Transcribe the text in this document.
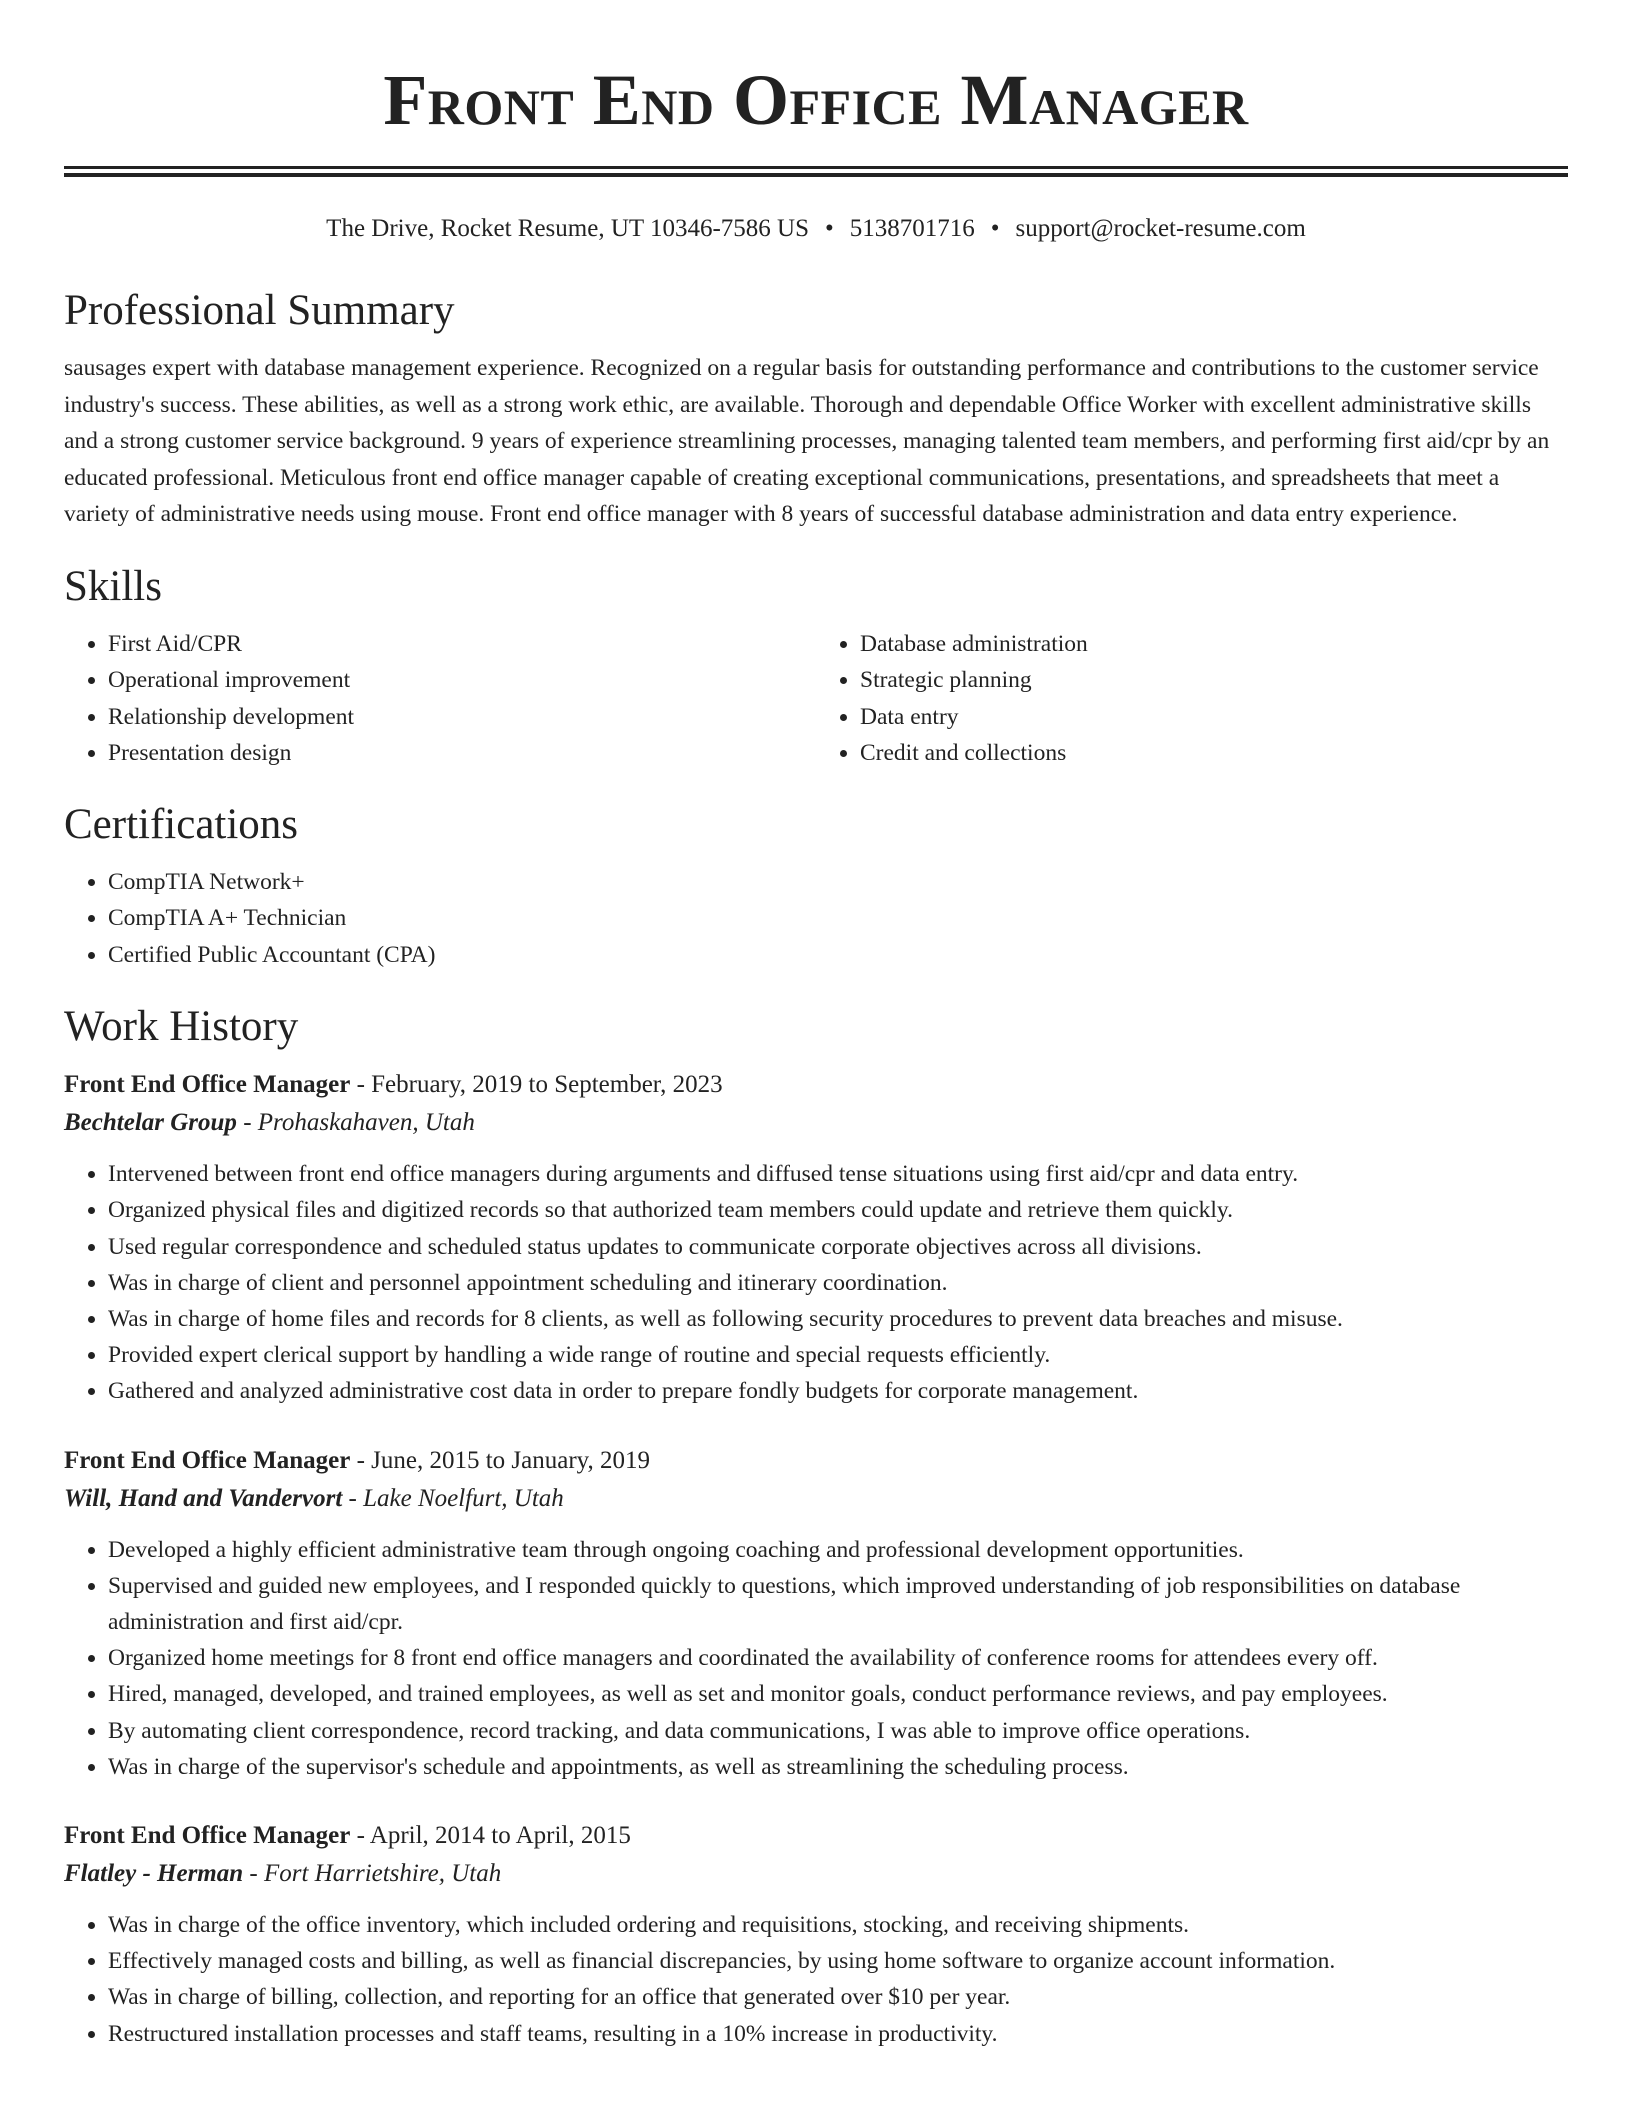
Front End Office Manager
The Drive, Rocket Resume, UT 10346-7586 US • 5138701716 • support@rocket-resume.com
Professional Summary

sausages expert with database management experience. Recognized on a regular basis for outstanding performance and contributions to the customer service industry's success. These abilities, as well as a strong work ethic, are available. Thorough and dependable Office Worker with excellent administrative skills and a strong customer service background. 9 years of experience streamlining processes, managing talented team members, and performing first aid/cpr by an educated professional. Meticulous front end office manager capable of creating exceptional communications, presentations, and spreadsheets that meet a variety of administrative needs using mouse. Front end office manager with 8 years of successful database administration and data entry experience.

Skills
• First Aid/CPR
• Operational improvement
• Relationship development
• Presentation design
• Database administration
• Strategic planning
• Data entry
• Credit and collections
Certifications
• CompTIA Network+
• CompTIA A+ Technician
• Certified Public Accountant (CPA)
Work History
Front End Office Manager - February, 2019 to September, 2023
Bechtelar Group - Prohaskahaven, Utah
• Intervened between front end office managers during arguments and diffused tense situations using first aid/cpr and data entry.
• Organized physical files and digitized records so that authorized team members could update and retrieve them quickly.
• Used regular correspondence and scheduled status updates to communicate corporate objectives across all divisions.
• Was in charge of client and personnel appointment scheduling and itinerary coordination.
• Was in charge of home files and records for 8 clients, as well as following security procedures to prevent data breaches and misuse.
• Provided expert clerical support by handling a wide range of routine and special requests efficiently.
• Gathered and analyzed administrative cost data in order to prepare fondly budgets for corporate management.
Front End Office Manager - June, 2015 to January, 2019
Will, Hand and Vandervort - Lake Noelfurt, Utah
• Developed a highly efficient administrative team through ongoing coaching and professional development opportunities.
• Supervised and guided new employees, and I responded quickly to questions, which improved understanding of job responsibilities on database administration and first aid/cpr.
• Organized home meetings for 8 front end office managers and coordinated the availability of conference rooms for attendees every off.
• Hired, managed, developed, and trained employees, as well as set and monitor goals, conduct performance reviews, and pay employees.
• By automating client correspondence, record tracking, and data communications, I was able to improve office operations.
• Was in charge of the supervisor's schedule and appointments, as well as streamlining the scheduling process.
Front End Office Manager - April, 2014 to April, 2015
Flatley - Herman - Fort Harrietshire, Utah
• Was in charge of the office inventory, which included ordering and requisitions, stocking, and receiving shipments.
• Effectively managed costs and billing, as well as financial discrepancies, by using home software to organize account information.
• Was in charge of billing, collection, and reporting for an office that generated over $10 per year.
• Restructured installation processes and staff teams, resulting in a 10% increase in productivity.
